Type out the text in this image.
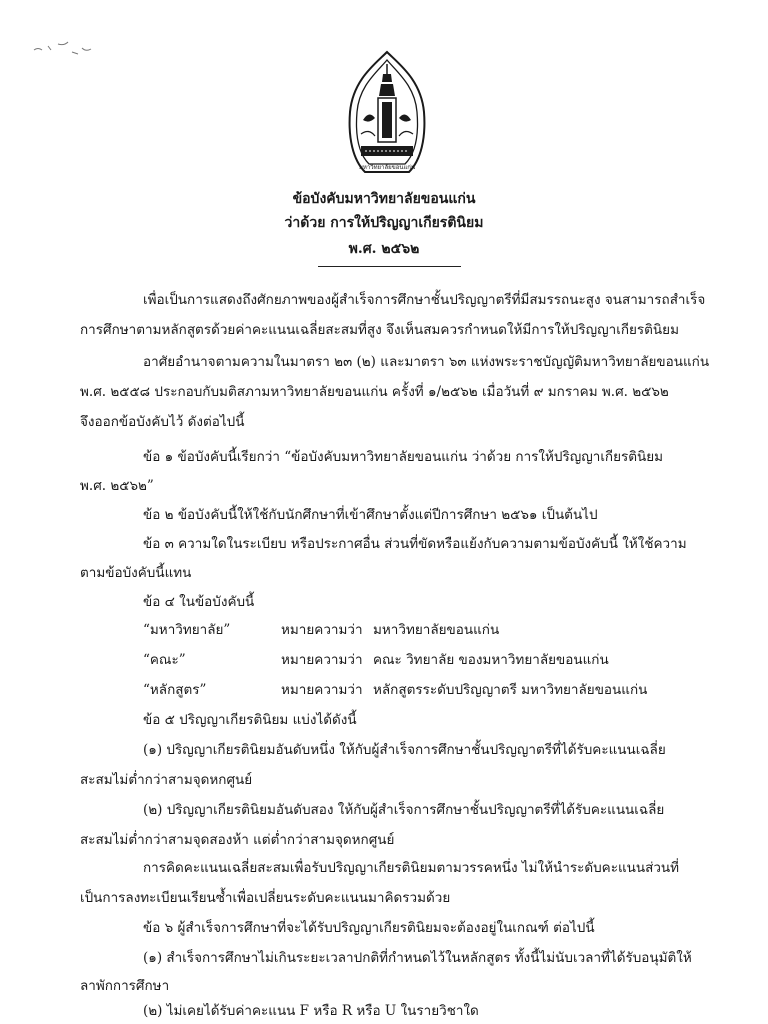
มหาวิทยาลัยขอนแก่น
ข้อบังคับมหาวิทยาลัยขอนแก่น
ว่าด้วย การให้ปริญญาเกียรตินิยม
พ.ศ. ๒๕๖๒
เพื่อเป็นการแสดงถึงศักยภาพของผู้สำเร็จการศึกษาชั้นปริญญาตรีที่มีสมรรถนะสูง จนสามารถสำเร็จ
การศึกษาตามหลักสูตรด้วยค่าคะแนนเฉลี่ยสะสมที่สูง จึงเห็นสมควรกำหนดให้มีการให้ปริญญาเกียรตินิยม
อาศัยอำนาจตามความในมาตรา ๒๓ (๒) และมาตรา ๖๓ แห่งพระราชบัญญัติมหาวิทยาลัยขอนแก่น
พ.ศ. ๒๕๕๘ ประกอบกับมติสภามหาวิทยาลัยขอนแก่น ครั้งที่ ๑/๒๕๖๒ เมื่อวันที่ ๙ มกราคม พ.ศ. ๒๕๖๒
จึงออกข้อบังคับไว้ ดังต่อไปนี้
ข้อ ๑ ข้อบังคับนี้เรียกว่า “ข้อบังคับมหาวิทยาลัยขอนแก่น ว่าด้วย การให้ปริญญาเกียรตินิยม
พ.ศ. ๒๕๖๒”
ข้อ ๒ ข้อบังคับนี้ให้ใช้กับนักศึกษาที่เข้าศึกษาตั้งแต่ปีการศึกษา ๒๕๖๑ เป็นต้นไป
ข้อ ๓ ความใดในระเบียบ หรือประกาศอื่น ส่วนที่ขัดหรือแย้งกับความตามข้อบังคับนี้ ให้ใช้ความ
ตามข้อบังคับนี้แทน
ข้อ ๔ ในข้อบังคับนี้
“มหาวิทยาลัย”	หมายความว่า มหาวิทยาลัยขอนแก่น
“คณะ”	หมายความว่า คณะ วิทยาลัย ของมหาวิทยาลัยขอนแก่น
“หลักสูตร”	หมายความว่า หลักสูตรระดับปริญญาตรี มหาวิทยาลัยขอนแก่น
ข้อ ๕ ปริญญาเกียรตินิยม แบ่งได้ดังนี้
(๑) ปริญญาเกียรตินิยมอันดับหนึ่ง ให้กับผู้สำเร็จการศึกษาชั้นปริญญาตรีที่ได้รับคะแนนเฉลี่ย
สะสมไม่ต่ำกว่าสามจุดหกศูนย์
(๒) ปริญญาเกียรตินิยมอันดับสอง ให้กับผู้สำเร็จการศึกษาชั้นปริญญาตรีที่ได้รับคะแนนเฉลี่ย
สะสมไม่ต่ำกว่าสามจุดสองห้า แต่ต่ำกว่าสามจุดหกศูนย์
การคิดคะแนนเฉลี่ยสะสมเพื่อรับปริญญาเกียรตินิยมตามวรรคหนึ่ง ไม่ให้นำระดับคะแนนส่วนที่
เป็นการลงทะเบียนเรียนซ้ำเพื่อเปลี่ยนระดับคะแนนมาคิดรวมด้วย
ข้อ ๖ ผู้สำเร็จการศึกษาที่จะได้รับปริญญาเกียรตินิยมจะต้องอยู่ในเกณฑ์ ต่อไปนี้
(๑) สำเร็จการศึกษาไม่เกินระยะเวลาปกติที่กำหนดไว้ในหลักสูตร ทั้งนี้ไม่นับเวลาที่ได้รับอนุมัติให้
ลาพักการศึกษา
(๒) ไม่เคยได้รับค่าคะแนน F หรือ R หรือ U ในรายวิชาใด
